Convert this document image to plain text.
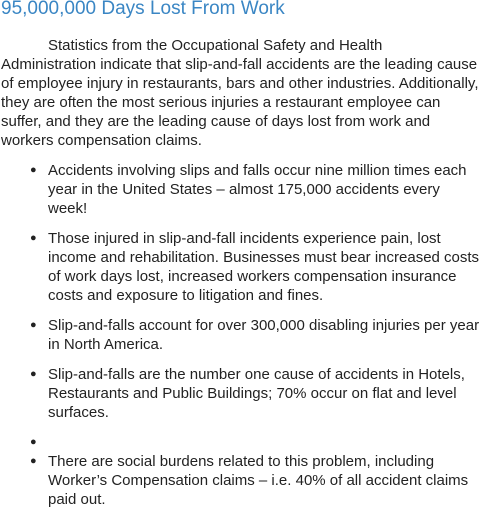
95,000,000 Days Lost From Work

Statistics from the Occupational Safety and Health Administration indicate that slip-and-fall accidents are the leading cause of employee injury in restaurants, bars and other industries. Additionally, they are often the most serious injuries a restaurant employee can suffer, and they are the leading cause of days lost from work and workers compensation claims.

● Accidents involving slips and falls occur nine million times each year in the United States – almost 175,000 accidents every week!
● Those injured in slip-and-fall incidents experience pain, lost income and rehabilitation. Businesses must bear increased costs of work days lost, increased workers compensation insurance costs and exposure to litigation and fines.
● Slip-and-falls account for over 300,000 disabling injuries per year in North America.
● Slip-and-falls are the number one cause of accidents in Hotels, Restaurants and Public Buildings; 70% occur on flat and level surfaces.
●
● There are social burdens related to this problem, including Worker’s Compensation claims – i.e. 40% of all accident claims paid out.
